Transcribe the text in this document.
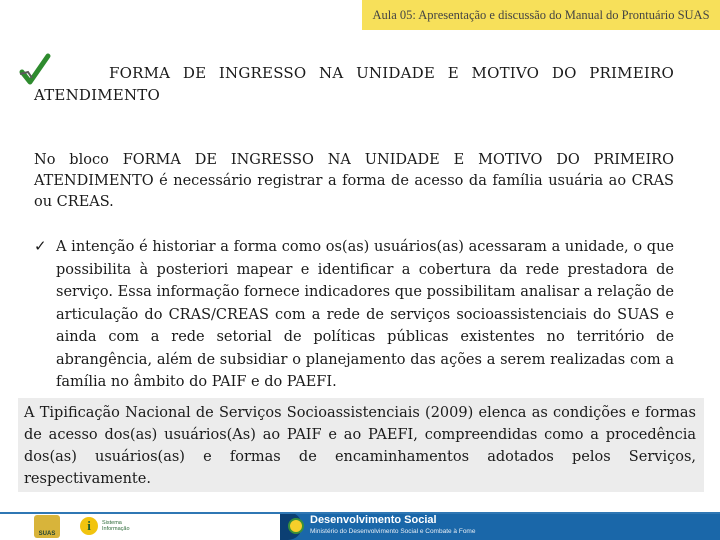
Aula 05: Apresentação e discussão do Manual do Prontuário SUAS

FORMA DE INGRESSO NA UNIDADE E MOTIVO DO PRIMEIRO ATENDIMENTO

No bloco FORMA DE INGRESSO NA UNIDADE E MOTIVO DO PRIMEIRO ATENDIMENTO é necessário registrar a forma de acesso da família usuária ao CRAS ou CREAS.

✓ A intenção é historiar a forma como os(as) usuários(as) acessaram a unidade, o que possibilita à posteriori mapear e identificar a cobertura da rede prestadora de serviço. Essa informação fornece indicadores que possibilitam analisar a relação de articulação do CRAS/CREAS com a rede de serviços socioassistenciais do SUAS e ainda com a rede setorial de políticas públicas existentes no território de abrangência, além de subsidiar o planejamento das ações a serem realizadas com a família no âmbito do PAIF e do PAEFI.

A Tipificação Nacional de Serviços Socioassistenciais (2009) elenca as condições e formas de acesso dos(as) usuários(As) ao PAIF e ao PAEFI, compreendidas como a procedência dos(as) usuários(as) e formas de encaminhamentos adotados pelos Serviços, respectivamente.

SUAS
i	Sistema
Informação
Desenvolvimento Social
Ministério do Desenvolvimento Social e Combate à Fome
